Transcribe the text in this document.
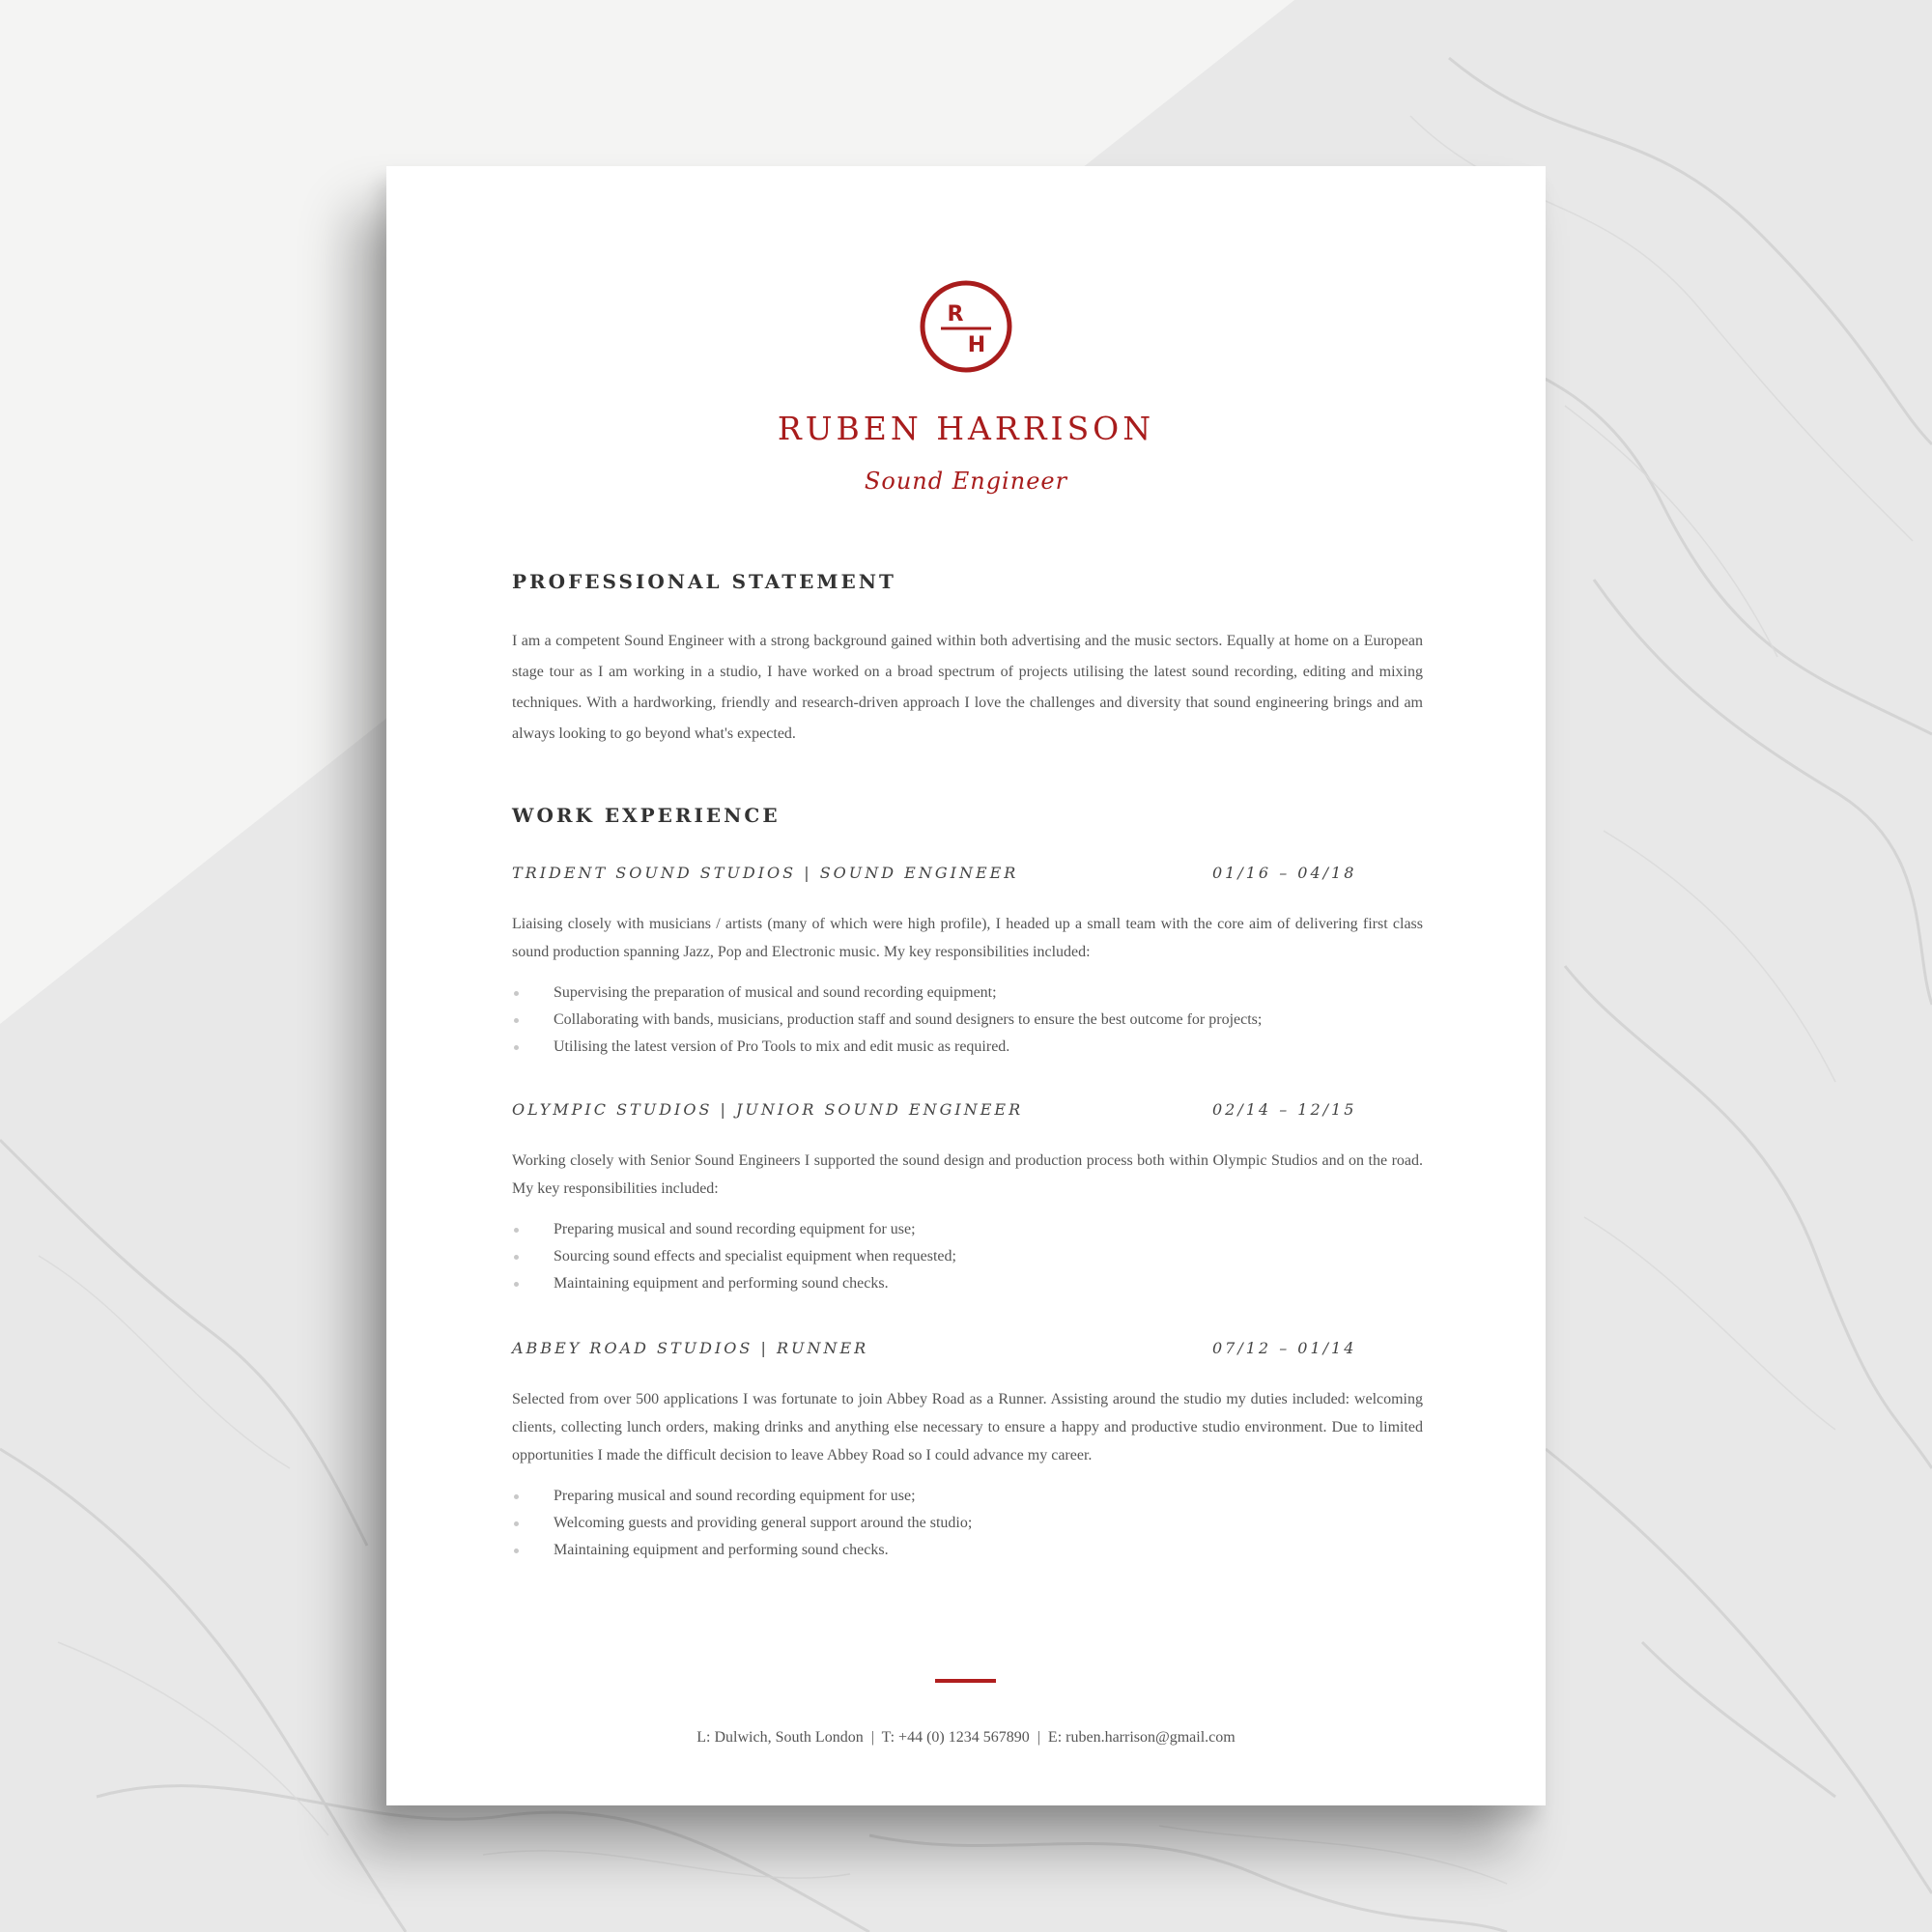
R
H
RUBEN HARRISON
Sound Engineer
PROFESSIONAL STATEMENT

I am a competent Sound Engineer with a strong background gained within both advertising and the music sectors. Equally at home on a European stage tour as I am working in a studio, I have worked on a broad spectrum of projects utilising the latest sound recording, editing and mixing techniques. With a hardworking, friendly and research-driven approach I love the challenges and diversity that sound engineering brings and am always looking to go beyond what's expected.

WORK EXPERIENCE
TRIDENT SOUND STUDIOS | SOUND ENGINEER	01/16 – 04/18

Liaising closely with musicians / artists (many of which were high profile), I headed up a small team with the core aim of delivering first class sound production spanning Jazz, Pop and Electronic music. My key responsibilities included:

Supervising the preparation of musical and sound recording equipment;
Collaborating with bands, musicians, production staff and sound designers to ensure the best outcome for projects;
Utilising the latest version of Pro Tools to mix and edit music as required.
OLYMPIC STUDIOS | JUNIOR SOUND ENGINEER	02/14 – 12/15

Working closely with Senior Sound Engineers I supported the sound design and production process both within Olympic Studios and on the road. My key responsibilities included:

Preparing musical and sound recording equipment for use;
Sourcing sound effects and specialist equipment when requested;
Maintaining equipment and performing sound checks.
ABBEY ROAD STUDIOS | RUNNER	07/12 – 01/14

Selected from over 500 applications I was fortunate to join Abbey Road as a Runner. Assisting around the studio my duties included: welcoming clients, collecting lunch orders, making drinks and anything else necessary to ensure a happy and productive studio environment. Due to limited opportunities I made the difficult decision to leave Abbey Road so I could advance my career.

Preparing musical and sound recording equipment for use;
Welcoming guests and providing general support around the studio;
Maintaining equipment and performing sound checks.
L: Dulwich, South London  |  T: +44 (0) 1234 567890  |  E: ruben.harrison@gmail.com
